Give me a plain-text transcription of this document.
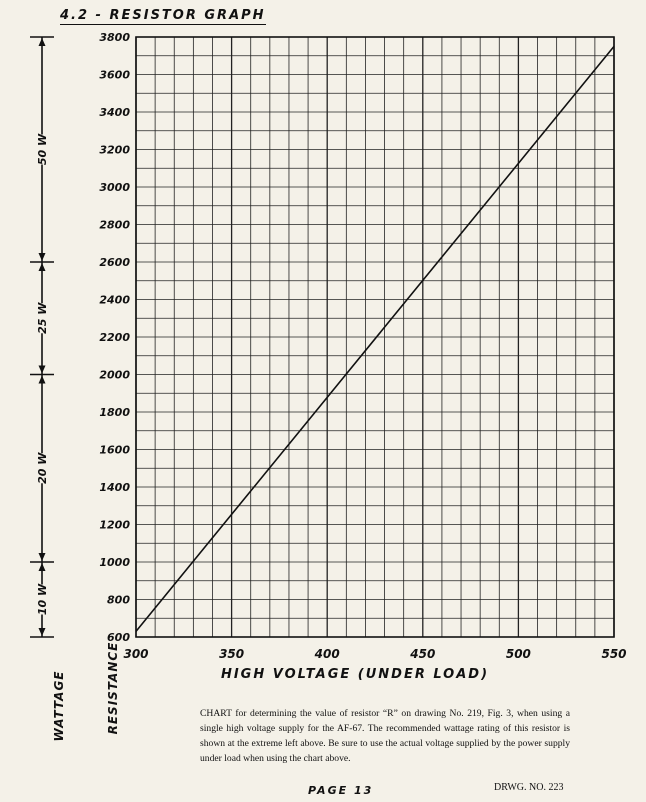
4.2 - RESISTOR GRAPH
10 W
20 W
25 W
50 W
600
800
1000
1200
1400
1600
1800
2000
2200
2400
2600
2800
3000
3200
3400
3600
3800
300	350	400	450	500	550
HIGH VOLTAGE (UNDER LOAD)
RESISTANCE
WATTAGE	CHART for determining the value of resistor “R” on drawing No. 219, Fig. 3, when using a single high voltage supply for the AF-67. The recommended wattage rating of this resistor is shown at the extreme left above. Be sure to use the actual voltage supplied by the power supply under load when using the chart above.
PAGE 13	DRWG. NO. 223
